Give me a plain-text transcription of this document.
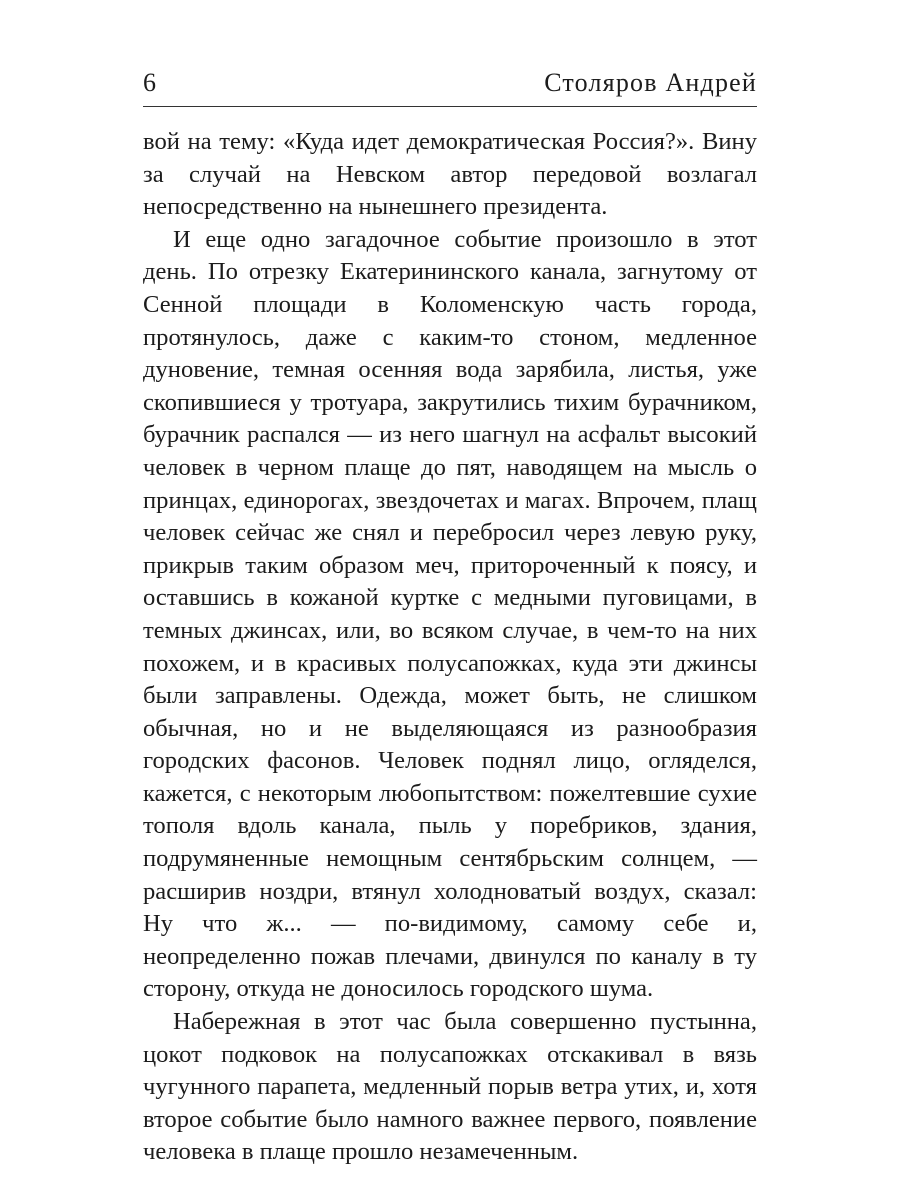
6	Столяров Андрей

вой на тему: «Куда идет демократическая Россия?». Вину за случай на Невском автор передовой возлагал непосредственно на нынешнего президента.

И еще одно загадочное событие произошло в этот день. По отрезку Екатерининского канала, загнутому от Сенной площади в Коломенскую часть города, протянулось, даже с каким-то стоном, медленное дуновение, темная осенняя вода зарябила, листья, уже скопившиеся у тротуара, закрутились тихим бурачником, бурачник распался — из него шагнул на асфальт высокий человек в черном плаще до пят, наводящем на мысль о принцах, единорогах, звездочетах и магах. Впрочем, плащ человек сейчас же снял и перебросил через левую руку, прикрыв таким образом меч, приторочeнный к поясу, и оставшись в кожаной куртке с медными пуговицами, в темных джинсах, или, во всяком случае, в чем-то на них похожем, и в красивых полусапожках, куда эти джинсы были заправлены. Одежда, может быть, не слишком обычная, но и не выделяющаяся из разнообразия городских фасонов. Человек поднял лицо, огляделся, кажется, с некоторым любопытством: пожелтевшие сухие тополя вдоль канала, пыль у поребриков, здания, подрумяненные немощным сентябрьским солнцем, — расширив ноздри, втянул холодноватый воздух, сказал: Ну что ж... — по-видимому, самому себе и, неопределенно пожав плечами, двинулся по каналу в ту сторону, откуда не доносилось городского шума.

Набережная в этот час была совершенно пустынна, цокот подковок на полусапожках отскакивал в вязь чугунного парапета, медленный порыв ветра утих, и, хотя второе событие было намного важнее первого, появление человека в плаще прошло незамеченным.
